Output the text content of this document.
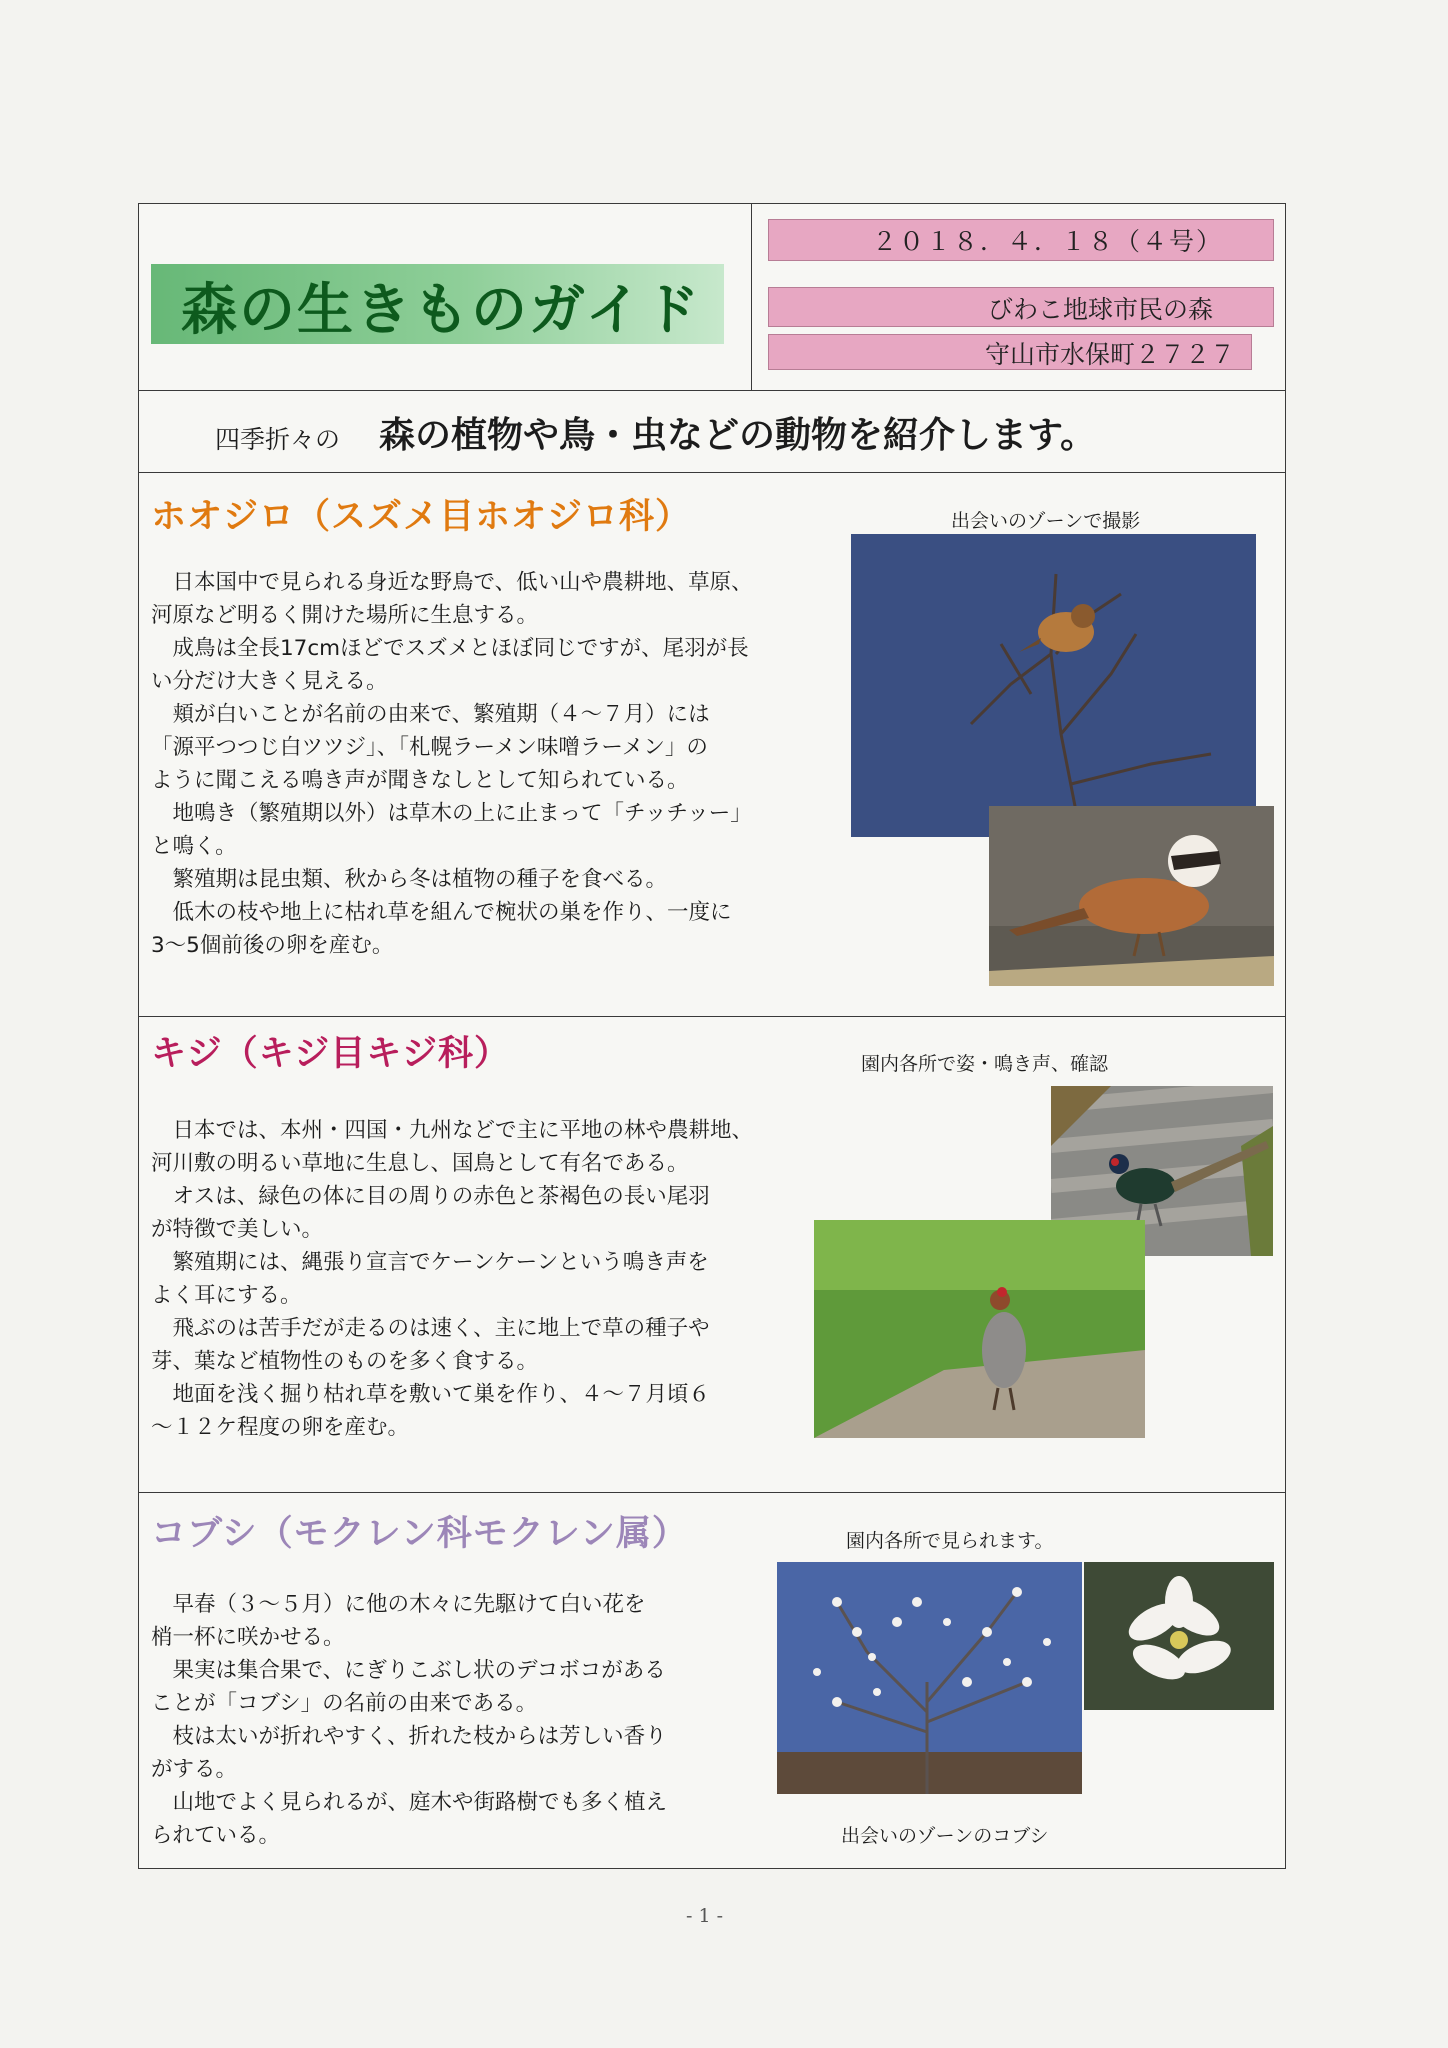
森の生きものガイド
２０１８．４．１８（４号）
びわこ地球市民の森
守山市水保町２７２７
四季折々の 森の植物や鳥・虫などの動物を紹介します。
ホオジロ（スズメ目ホオジロ科）	出会いのゾーンで撮影

　日本国中で見られる身近な野鳥で、低い山や農耕地、草原、

河原など明るく開けた場所に生息する。

　成鳥は全長17cmほどでスズメとほぼ同じですが、尾羽が長

い分だけ大きく見える。

　頬が白いことが名前の由来で、繁殖期（４～７月）には

「源平つつじ白ツツジ」、「札幌ラーメン味噌ラーメン」の

ように聞こえる鳴き声が聞きなしとして知られている。

　地鳴き（繁殖期以外）は草木の上に止まって「チッチッー」

と鳴く。

　繁殖期は昆虫類、秋から冬は植物の種子を食べる。

　低木の枝や地上に枯れ草を組んで椀状の巣を作り、一度に

3～5個前後の卵を産む。

キジ（キジ目キジ科）	園内各所で姿・鳴き声、確認

　日本では、本州・四国・九州などで主に平地の林や農耕地、

河川敷の明るい草地に生息し、国鳥として有名である。

　オスは、緑色の体に目の周りの赤色と茶褐色の長い尾羽

が特徴で美しい。

　繁殖期には、縄張り宣言でケーンケーンという鳴き声を

よく耳にする。

　飛ぶのは苦手だが走るのは速く、主に地上で草の種子や

芽、葉など植物性のものを多く食する。

　地面を浅く掘り枯れ草を敷いて巣を作り、４～７月頃６

～１２ケ程度の卵を産む。

コブシ（モクレン科モクレン属）	園内各所で見られます。

　早春（３～５月）に他の木々に先駆けて白い花を

梢一杯に咲かせる。

　果実は集合果で、にぎりこぶし状のデコボコがある

ことが「コブシ」の名前の由来である。

　枝は太いが折れやすく、折れた枝からは芳しい香り

がする。

　山地でよく見られるが、庭木や街路樹でも多く植え

られている。	出会いのゾーンのコブシ
- 1 -
